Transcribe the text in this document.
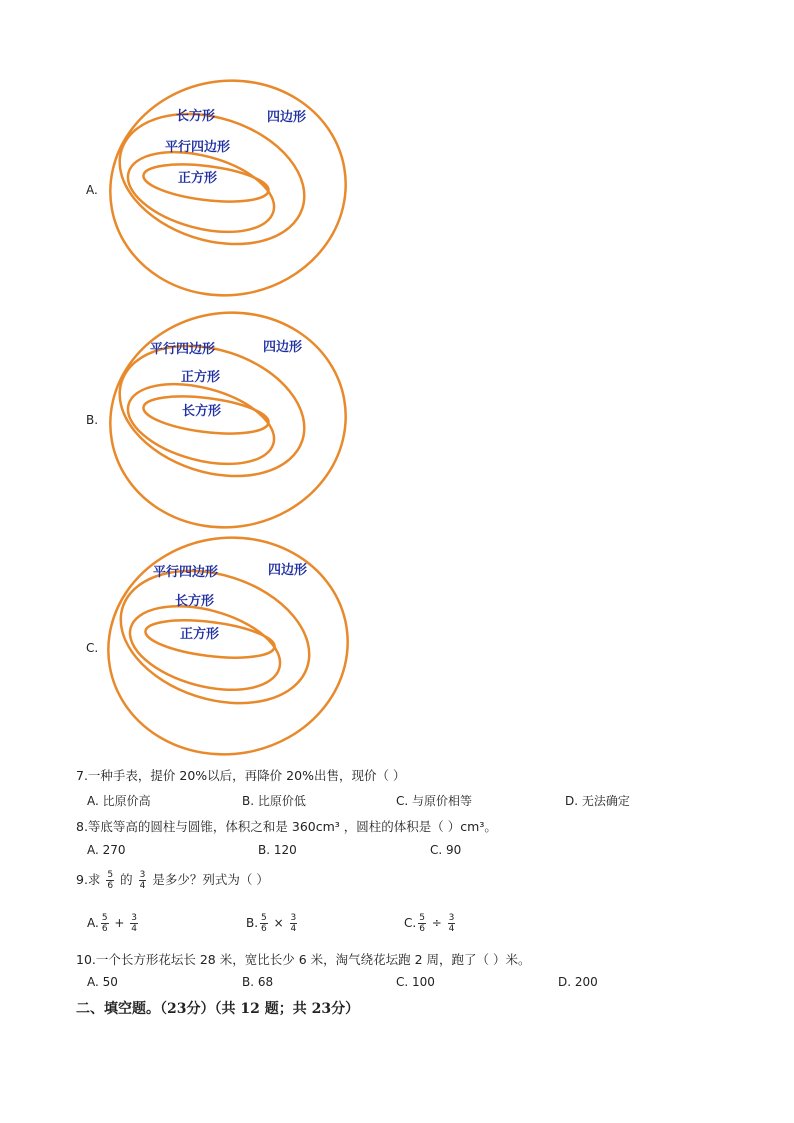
A.
长方形	四边形
平行四边形
正方形
B.
平行四边形	四边形
正方形
长方形
C.
平行四边形	四边形
长方形
正方形
7.一种手表，提价 20%以后，再降价 20%出售，现价（ ）
A. 比原价高	B. 比原价低	C. 与原价相等	D. 无法确定
8.等底等高的圆柱与圆锥，体积之和是 360cm³ ，圆柱的体积是（ ）cm³。
A. 270	B. 120	C. 90
9.求 $\frac{5}{6}$ 的 $\frac{3}{4}$ 是多少？列式为（ ）
A. $\frac{5}{6} + \frac{3}{4}$	B. $\frac{5}{6} \times \frac{3}{4}$	C. $\frac{5}{6} \div \frac{3}{4}$
10.一个长方形花坛长 28 米，宽比长少 6 米，淘气绕花坛跑 2 周，跑了（ ）米。
A. 50	B. 68	C. 100	D. 200
二、填空题。（23分）（共 12 题；共 23分）
